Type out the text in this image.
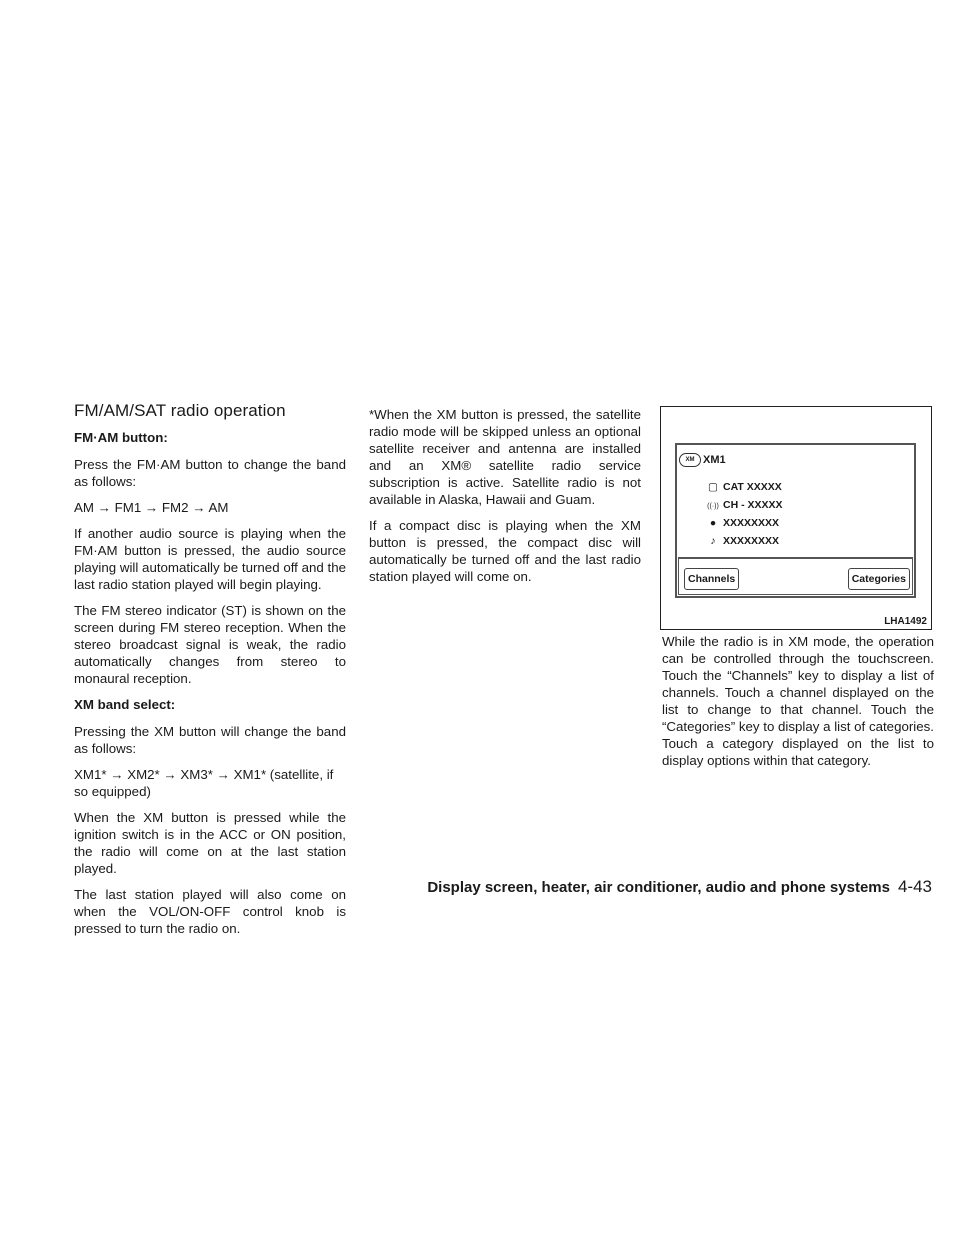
FM/AM/SAT radio operation
FM·AM button:

Press the FM·AM button to change the band as follows:

AM → FM1 → FM2 → AM

If another audio source is playing when the FM·AM button is pressed, the audio source playing will automatically be turned off and the last radio station played will begin playing.

The FM stereo indicator (ST) is shown on the screen during FM stereo reception. When the stereo broadcast signal is weak, the radio automatically changes from stereo to monaural reception.

XM band select:

Pressing the XM button will change the band as follows:

XM1* → XM2* → XM3* → XM1* (satellite, if so equipped)

When the XM button is pressed while the ignition switch is in the ACC or ON position, the radio will come on at the last station played.

The last station played will also come on when the VOL/ON-OFF control knob is pressed to turn the radio on.

*When the XM button is pressed, the satellite radio mode will be skipped unless an optional satellite receiver and antenna are installed and an XM® satellite radio service subscription is active. Satellite radio is not available in Alaska, Hawaii and Guam.

If a compact disc is playing when the XM button is pressed, the compact disc will automatically be turned off and the last radio station played will come on.

XM XM1
▢ CAT XXXXX
((·)) CH - XXXXX
● XXXXXXXX
♪ XXXXXXXX
Channels	Categories
LHA1492

While the radio is in XM mode, the operation can be controlled through the touchscreen. Touch the “Channels” key to display a list of channels. Touch a channel displayed on the list to change to that channel. Touch the “Categories” key to display a list of categories. Touch a category displayed on the list to display options within that category.

Display screen, heater, air conditioner, audio and phone systems 4-43
